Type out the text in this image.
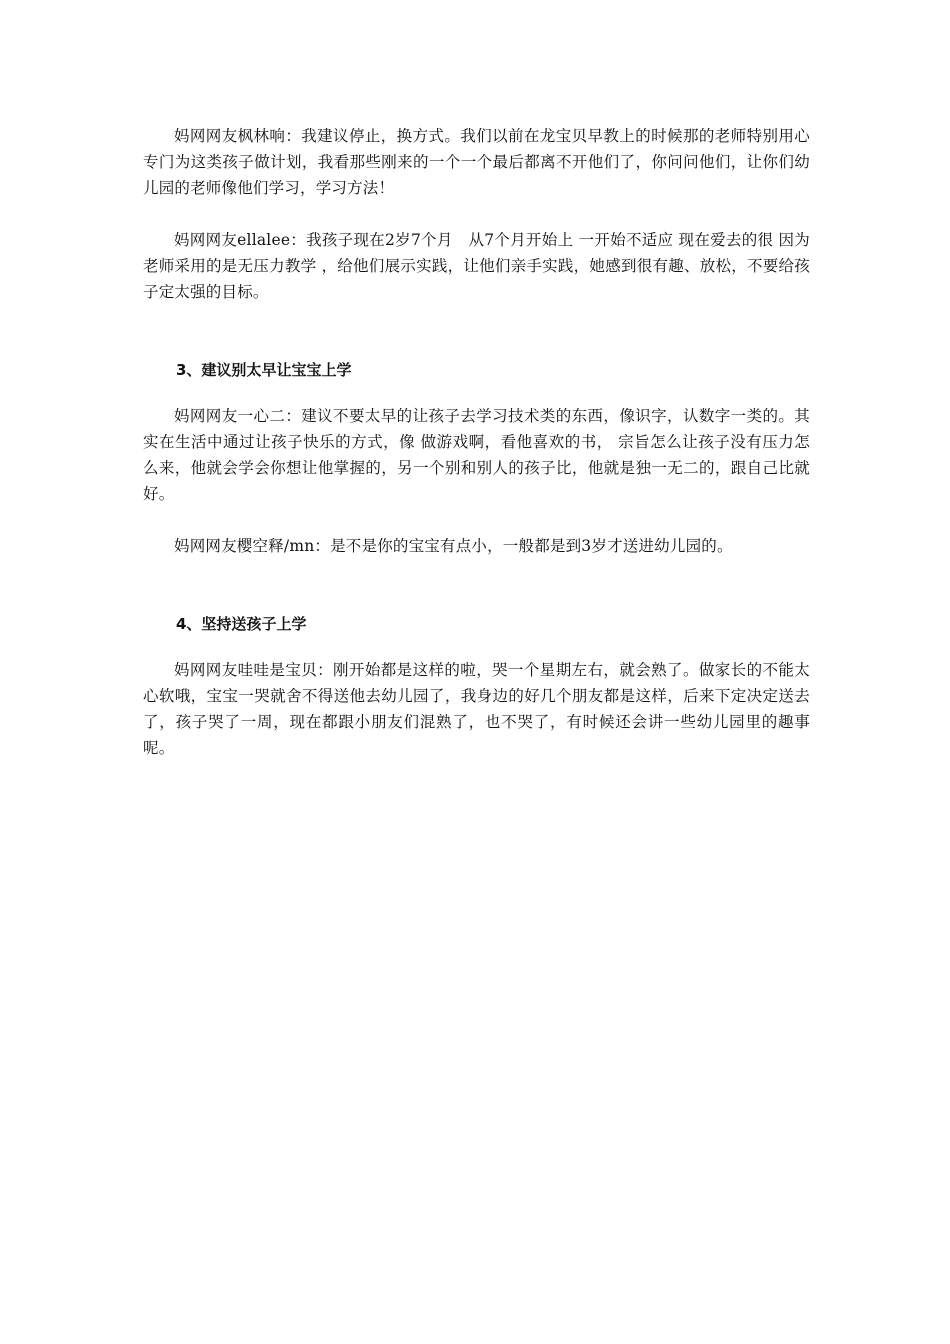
妈网网友枫林响：我建议停止，换方式。我们以前在龙宝贝早教上的时候那的老师特别用心专门为这类孩子做计划，我看那些刚来的一个一个最后都离不开他们了，你问问他们，让你们幼儿园的老师像他们学习，学习方法！

妈网网友ellalee：我孩子现在2岁7个月　从7个月开始上 一开始不适应 现在爱去的很 因为老师采用的是无压力教学 ，给他们展示实践，让他们亲手实践，她感到很有趣、放松，不要给孩子定太强的目标。

3、建议别太早让宝宝上学

妈网网友一心二：建议不要太早的让孩子去学习技术类的东西，像识字，认数字一类的。其实在生活中通过让孩子快乐的方式，像 做游戏啊，看他喜欢的书， 宗旨怎么让孩子没有压力怎么来，他就会学会你想让他掌握的，另一个别和别人的孩子比，他就是独一无二的，跟自己比就好。

妈网网友樱空释/mn：是不是你的宝宝有点小，一般都是到3岁才送进幼儿园的。

4、坚持送孩子上学

妈网网友哇哇是宝贝：刚开始都是这样的啦，哭一个星期左右，就会熟了。做家长的不能太心软哦，宝宝一哭就舍不得送他去幼儿园了，我身边的好几个朋友都是这样，后来下定决定送去了，孩子哭了一周，现在都跟小朋友们混熟了，也不哭了，有时候还会讲一些幼儿园里的趣事呢。
